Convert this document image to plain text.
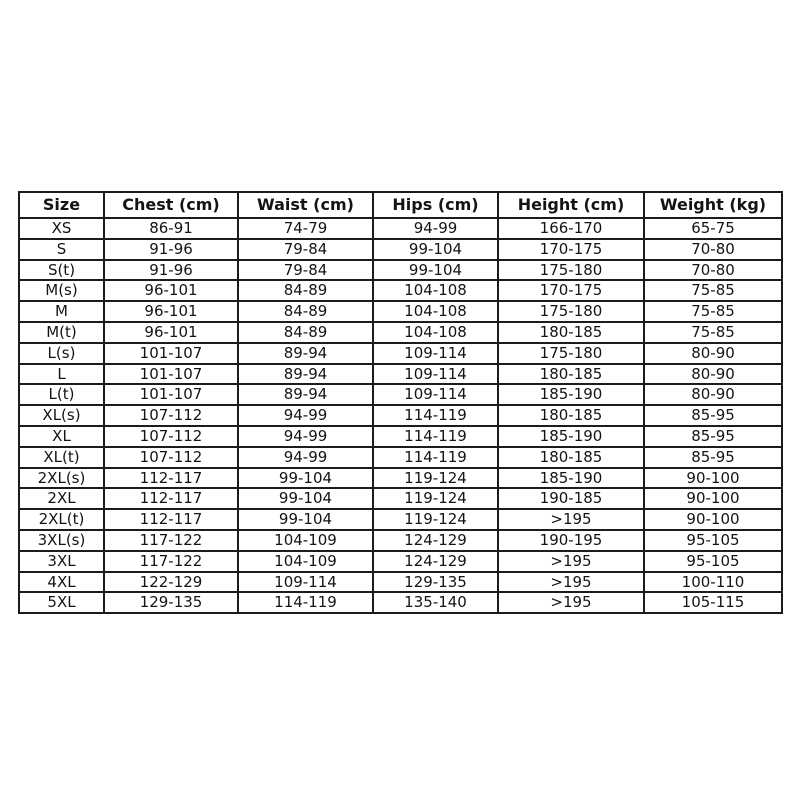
Size	Chest (cm)	Waist (cm)	Hips (cm)	Height (cm)	Weight (kg)
XS	86-91	74-79	94-99	166-170	65-75
S	91-96	79-84	99-104	170-175	70-80
S(t)	91-96	79-84	99-104	175-180	70-80
M(s)	96-101	84-89	104-108	170-175	75-85
M	96-101	84-89	104-108	175-180	75-85
M(t)	96-101	84-89	104-108	180-185	75-85
L(s)	101-107	89-94	109-114	175-180	80-90
L	101-107	89-94	109-114	180-185	80-90
L(t)	101-107	89-94	109-114	185-190	80-90
XL(s)	107-112	94-99	114-119	180-185	85-95
XL	107-112	94-99	114-119	185-190	85-95
XL(t)	107-112	94-99	114-119	180-185	85-95
2XL(s)	112-117	99-104	119-124	185-190	90-100
2XL	112-117	99-104	119-124	190-185	90-100
2XL(t)	112-117	99-104	119-124	>195	90-100
3XL(s)	117-122	104-109	124-129	190-195	95-105
3XL	117-122	104-109	124-129	>195	95-105
4XL	122-129	109-114	129-135	>195	100-110
5XL	129-135	114-119	135-140	>195	105-115
